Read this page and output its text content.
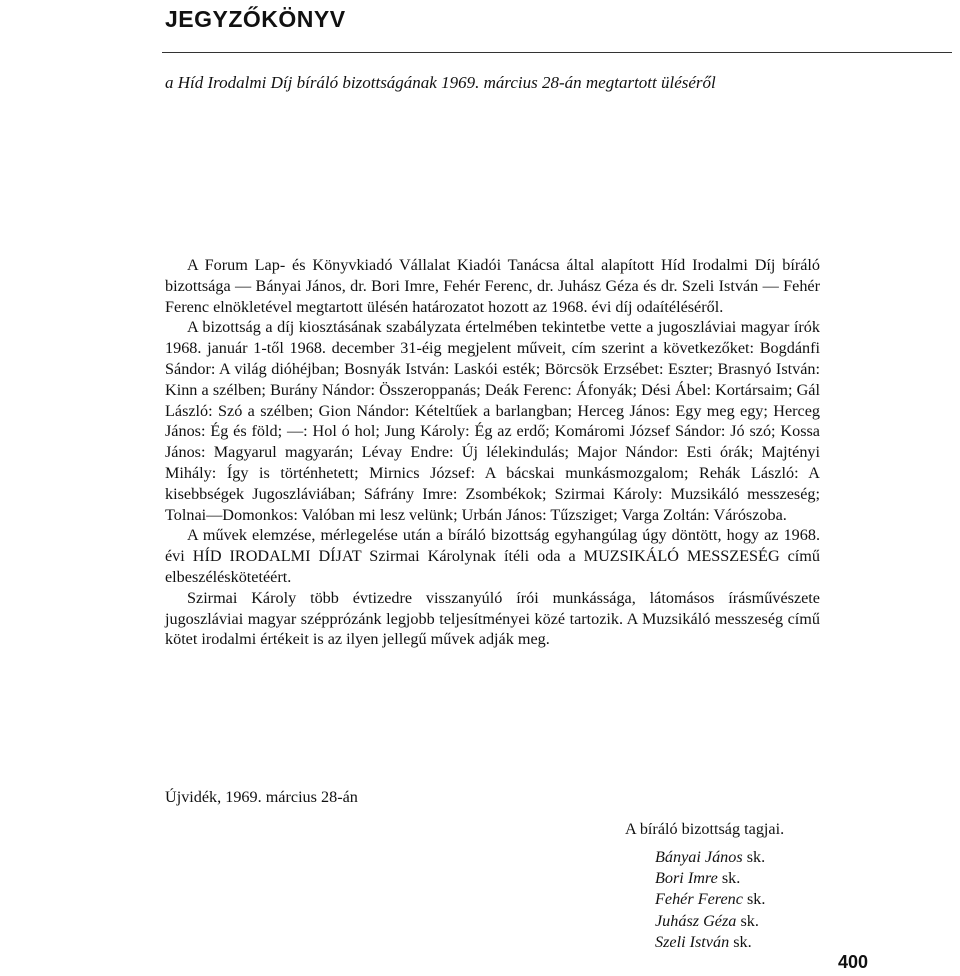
JEGYZŐKÖNYV

a Híd Irodalmi Díj bíráló bizottságának 1969. március 28-án megtartott üléséről

A Forum Lap- és Könyvkiadó Vállalat Kiadói Tanácsa által alapított Híd Irodalmi Díj bíráló bizottsága — Bányai János, dr. Bori Imre, Fehér Ferenc, dr. Juhász Géza és dr. Szeli István — Fehér Ferenc elnökletével megtartott ülésén határozatot hozott az 1968. évi díj odaítéléséről.

A bizottság a díj kiosztásának szabályzata értelmében tekintetbe vette a jugoszláviai magyar írók 1968. január 1-től 1968. december 31-éig megjelent műveit, cím szerint a következőket: Bogdánfi Sándor: A világ dióhéjban; Bosnyák István: Laskói esték; Börcsök Erzsébet: Eszter; Brasnyó István: Kinn a szélben; Burány Nándor: Összeroppanás; Deák Ferenc: Áfonyák; Dési Ábel: Kortársaim; Gál László: Szó a szélben; Gion Nándor: Kételtűek a barlangban; Herceg János: Egy meg egy; Herceg János: Ég és föld; —: Hol ó hol; Jung Károly: Ég az erdő; Komáromi József Sándor: Jó szó; Kossa János: Magyarul magyarán; Lévay Endre: Új lélekindulás; Major Nándor: Esti órák; Majtényi Mihály: Így is történhetett; Mirnics József: A bácskai munkásmozgalom; Rehák László: A kisebbségek Jugoszláviában; Sáfrány Imre: Zsombékok; Szirmai Károly: Muzsikáló messzeség; Tolnai—Domonkos: Valóban mi lesz velünk; Urbán János: Tűzsziget; Varga Zoltán: Várószoba.

A művek elemzése, mérlegelése után a bíráló bizottság egyhangúlag úgy döntött, hogy az 1968. évi HÍD IRODALMI DÍJAT Szirmai Károlynak ítéli oda a MUZSIKÁLÓ MESSZESÉG című elbeszéléskötetéért.

Szirmai Károly több évtizedre visszanyúló írói munkássága, látomásos írásművészete jugoszláviai magyar szépprózánk legjobb teljesítményei közé tartozik. A Muzsikáló messzeség című kötet irodalmi értékeit is az ilyen jellegű művek adják meg.

Újvidék, 1969. március 28-án

A bíráló bizottság tagjai.

Bányai János sk.
Bori Imre sk.
Fehér Ferenc sk.
Juhász Géza sk.
Szeli István sk.

400
